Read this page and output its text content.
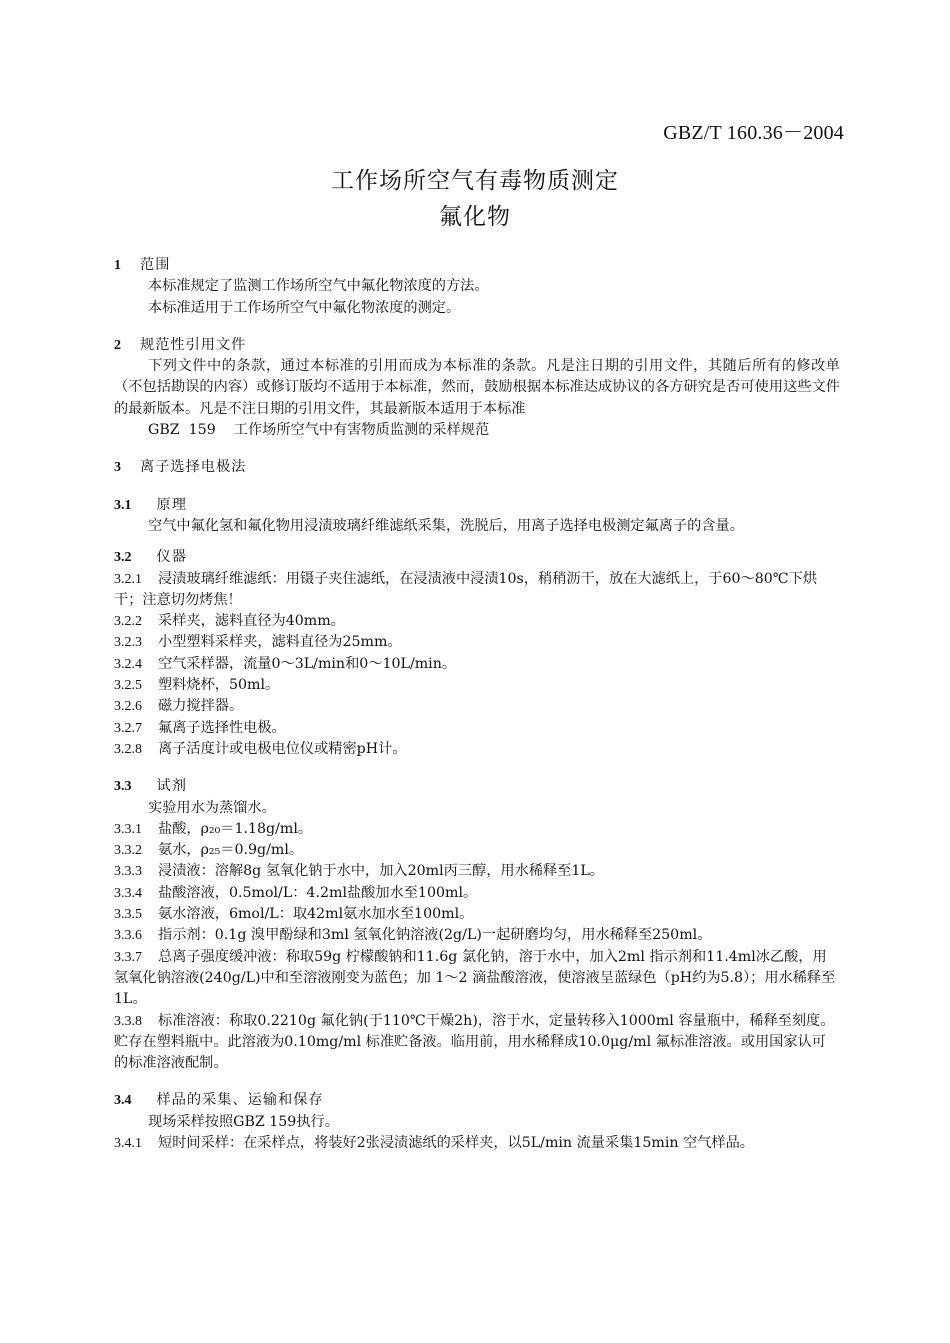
GBZ/T 160.36－2004
工作场所空气有毒物质测定
氟化物
1	范围
本标准规定了监测工作场所空气中氟化物浓度的方法。
本标准适用于工作场所空气中氟化物浓度的测定。
2	规范性引用文件
下列文件中的条款，通过本标准的引用而成为本标准的条款。凡是注日期的引用文件，其随后所有的修改单（不包括勘误的内容）或修订版均不适用于本标准，然而，鼓励根据本标准达成协议的各方研究是否可使用这些文件的最新版本。凡是不注日期的引用文件，其最新版本适用于本标准
GBZ  159    工作场所空气中有害物质监测的采样规范
3	离子选择电极法
3.1 原理
空气中氟化氢和氟化物用浸渍玻璃纤维滤纸采集，洗脱后，用离子选择电极测定氟离子的含量。
3.2 仪器
3.2.1 浸渍玻璃纤维滤纸：用镊子夹住滤纸，在浸渍液中浸渍10s，稍稍沥干，放在大滤纸上，于60～80℃下烘干；注意切勿烤焦！
3.2.2 采样夹，滤料直径为40mm。
3.2.3 小型塑料采样夹，滤料直径为25mm。
3.2.4 空气采样器，流量0～3L/min和0～10L/min。
3.2.5 塑料烧杯，50ml。
3.2.6 磁力搅拌器。
3.2.7 氟离子选择性电极。
3.2.8 离子活度计或电极电位仪或精密pH计。
3.3 试剂
实验用水为蒸馏水。
3.3.1 盐酸，ρ₂₀＝1.18g/ml。
3.3.2 氨水，ρ₂₅＝0.9g/ml。
3.3.3 浸渍液：溶解8g 氢氧化钠于水中，加入20ml丙三醇，用水稀释至1L。
3.3.4 盐酸溶液，0.5mol/L：4.2ml盐酸加水至100ml。
3.3.5 氨水溶液，6mol/L：取42ml氨水加水至100ml。
3.3.6 指示剂：0.1g 溴甲酚绿和3ml 氢氧化钠溶液(2g/L)一起研磨均匀，用水稀释至250ml。
3.3.7 总离子强度缓冲液：称取59g 柠檬酸钠和11.6g 氯化钠，溶于水中，加入2ml 指示剂和11.4ml冰乙酸，用氢氧化钠溶液(240g/L)中和至溶液刚变为蓝色；加 1～2 滴盐酸溶液，使溶液呈蓝绿色（pH约为5.8）；用水稀释至1L。
3.3.8 标准溶液：称取0.2210g 氟化钠(于110℃干燥2h)，溶于水，定量转移入1000ml 容量瓶中，稀释至刻度。贮存在塑料瓶中。此溶液为0.10mg/ml 标准贮备液。临用前，用水稀释成10.0μg/ml 氟标准溶液。或用国家认可的标准溶液配制。
3.4 样品的采集、运输和保存
现场采样按照GBZ 159执行。
3.4.1 短时间采样：在采样点，将装好2张浸渍滤纸的采样夹，以5L/min 流量采集15min 空气样品。
